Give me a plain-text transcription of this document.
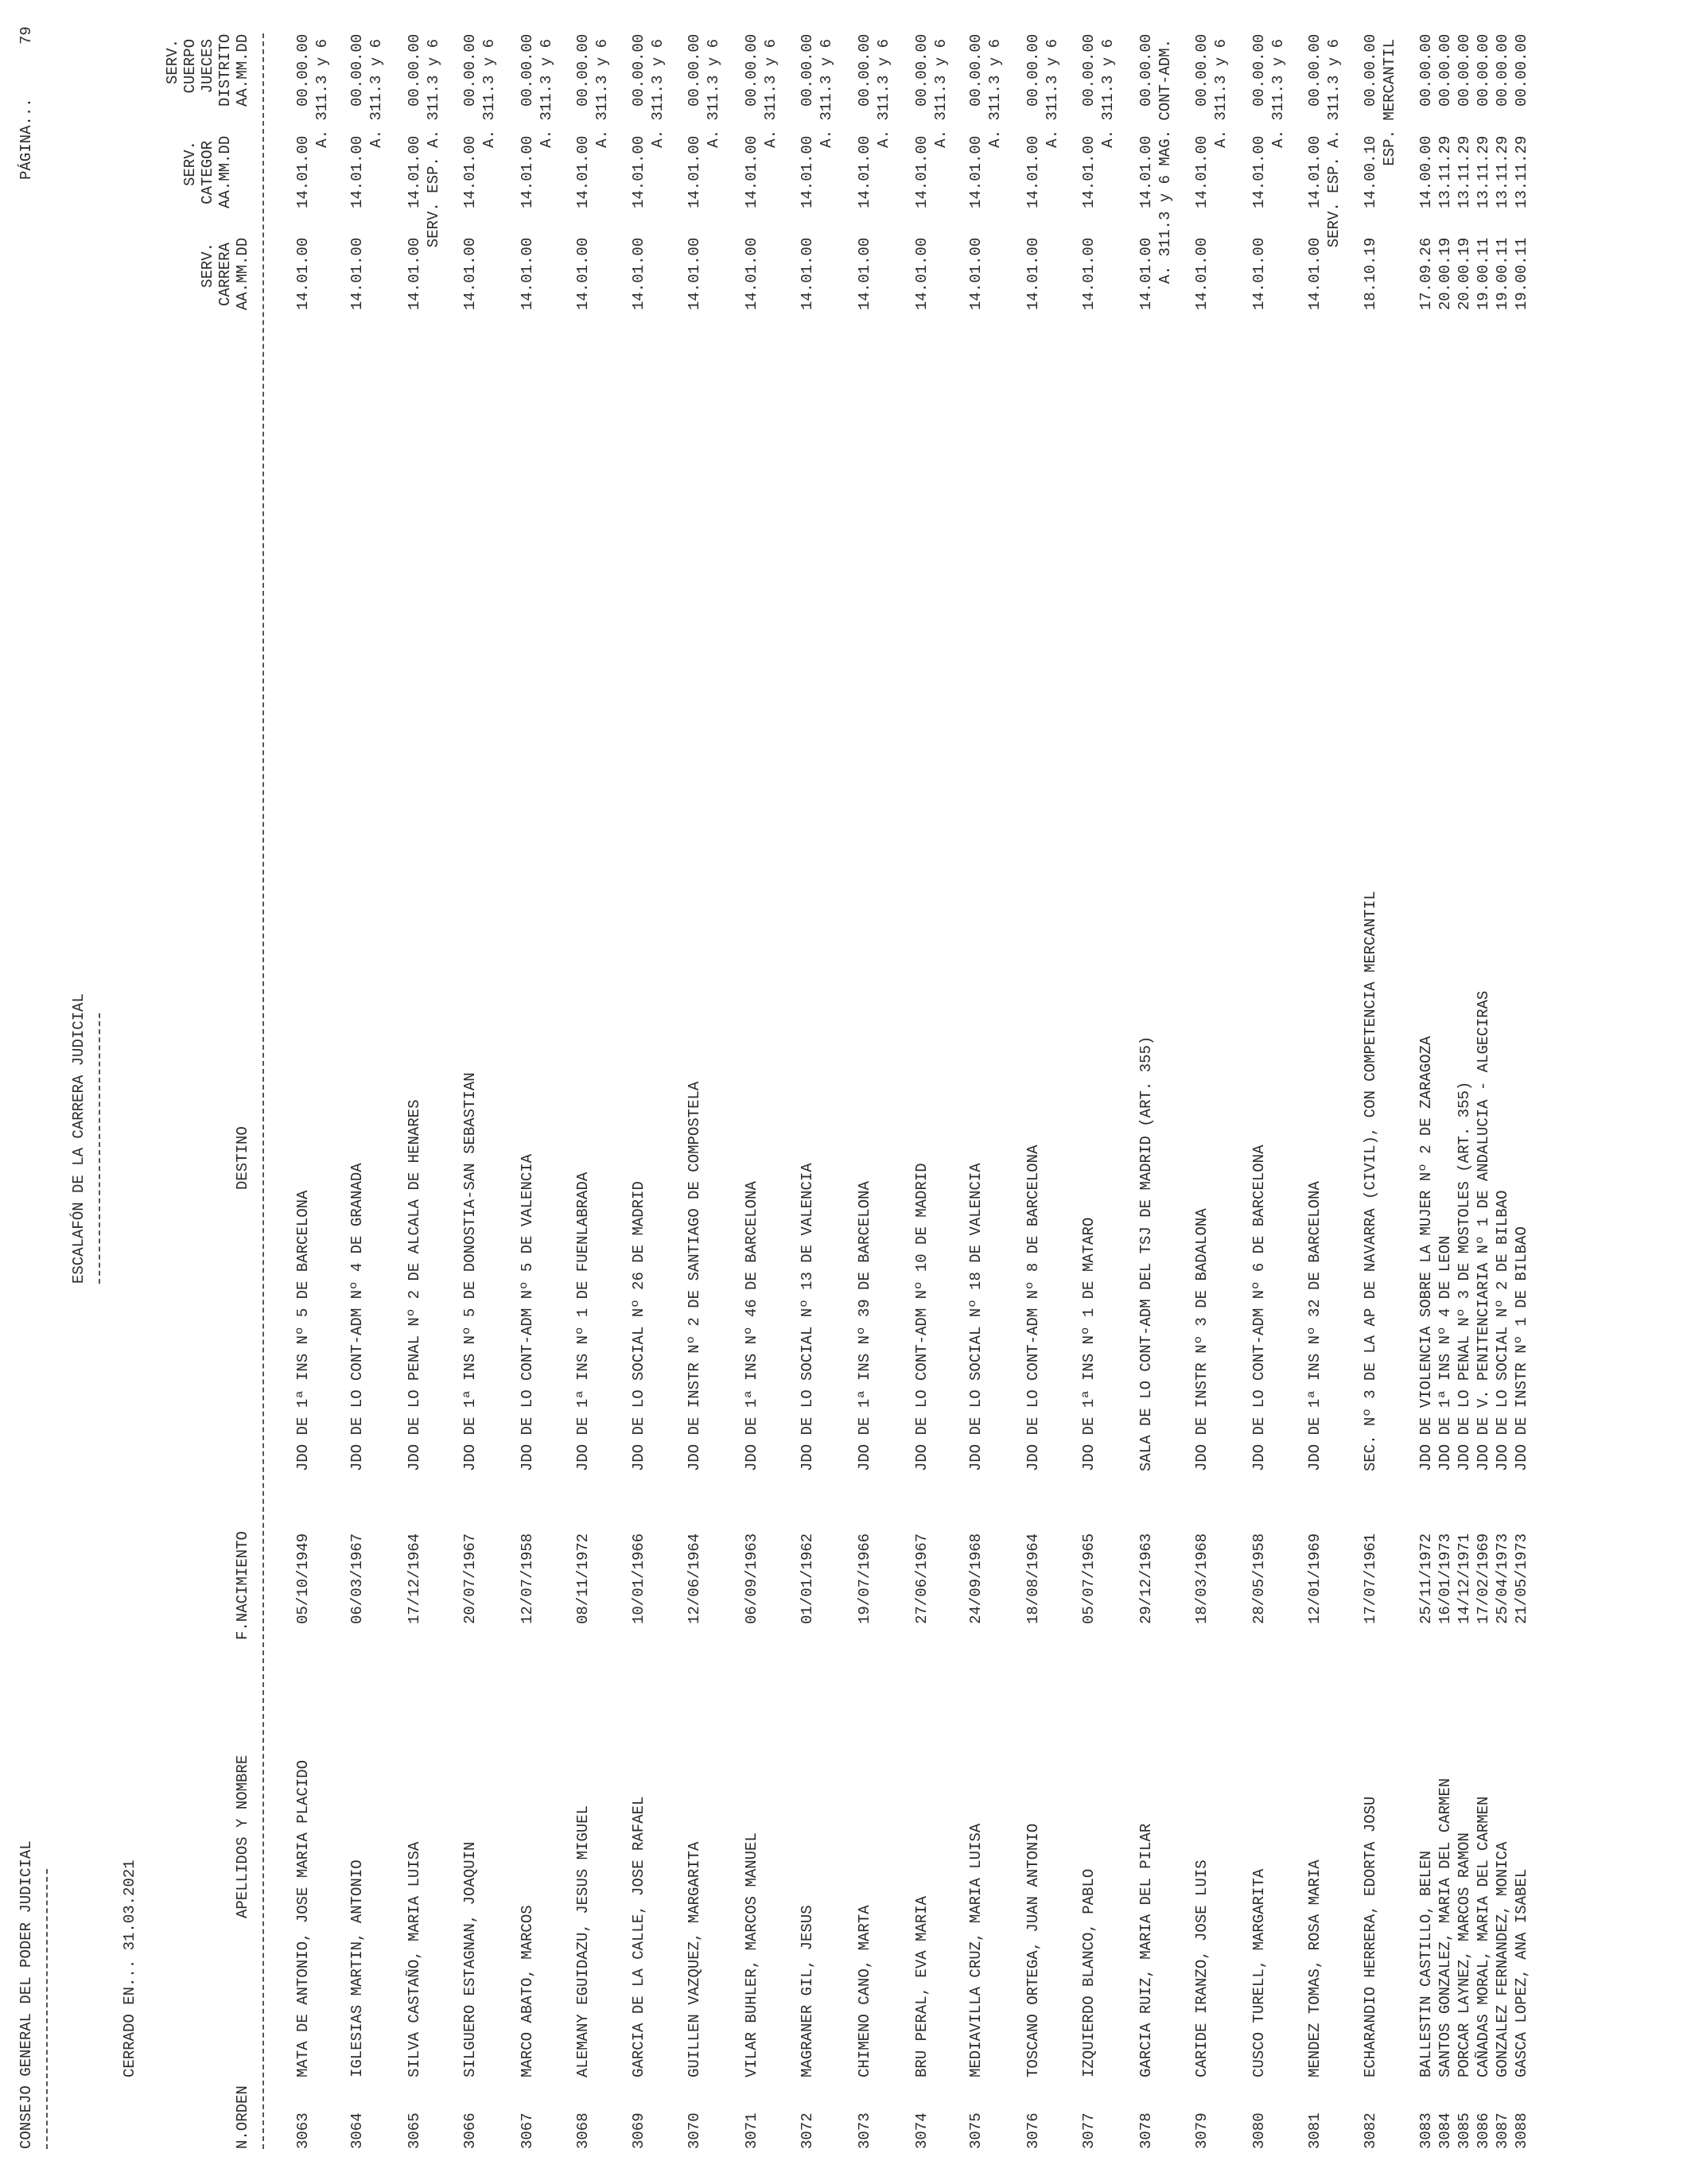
CONSEJO GENERAL DEL PODER JUDICIAL
PÁGINA...
79
ESCALAFÓN DE LA CARRERA JUDICIAL
CERRADO EN... 31.03.2021
N.ORDEN
APELLIDOS Y NOMBRE
F.NACIMIENTO
DESTINO
SERV. CARRERA AA.MM.DD
SERV. CATEGOR AA.MM.DD
SERV. CUERPO JUECES DISTRITO AA.MM.DD
3063
MATA DE ANTONIO, JOSE MARIA PLACIDO
05/10/1949
JDO DE 1ª INS Nº 5 DE BARCELONA
14.01.00
14.01.00
00.00.00 A. 311.3 y 6
3064
IGLESIAS MARTIN, ANTONIO
06/03/1967
JDO DE LO CONT-ADM Nº 4 DE GRANADA
14.01.00
14.01.00
00.00.00 A. 311.3 y 6
3065
SILVA CASTAÑO, MARIA LUISA
17/12/1964
JDO DE LO PENAL Nº 2 DE ALCALA DE HENARES
14.01.00
14.01.00
00.00.00 SERV. ESP. A. 311.3 y 6
3066
SILGUERO ESTAGNAN, JOAQUIN
20/07/1967
JDO DE 1ª INS Nº 5 DE DONOSTIA-SAN SEBASTIAN
14.01.00
14.01.00
00.00.00 A. 311.3 y 6
3067
MARCO ABATO, MARCOS
12/07/1958
JDO DE LO CONT-ADM Nº 5 DE VALENCIA
14.01.00
14.01.00
00.00.00 A. 311.3 y 6
3068
ALEMANY EGUIDAZU, JESUS MIGUEL
08/11/1972
JDO DE 1ª INS Nº 1 DE FUENLABRADA
14.01.00
14.01.00
00.00.00 A. 311.3 y 6
3069
GARCIA DE LA CALLE, JOSE RAFAEL
10/01/1966
JDO DE LO SOCIAL Nº 26 DE MADRID
14.01.00
14.01.00
00.00.00 A. 311.3 y 6
3070
GUILLEN VAZQUEZ, MARGARITA
12/06/1964
JDO DE INSTR Nº 2 DE SANTIAGO DE COMPOSTELA
14.01.00
14.01.00
00.00.00 A. 311.3 y 6
3071
VILAR BUHLER, MARCOS MANUEL
06/09/1963
JDO DE 1ª INS Nº 46 DE BARCELONA
14.01.00
14.01.00
00.00.00 A. 311.3 y 6
3072
MAGRANER GIL, JESUS
01/01/1962
JDO DE LO SOCIAL Nº 13 DE VALENCIA
14.01.00
14.01.00
00.00.00 A. 311.3 y 6
3073
CHIMENO CANO, MARTA
19/07/1966
JDO DE 1ª INS Nº 39 DE BARCELONA
14.01.00
14.01.00
00.00.00 A. 311.3 y 6
3074
BRU PERAL, EVA MARIA
27/06/1967
JDO DE LO CONT-ADM Nº 10 DE MADRID
14.01.00
14.01.00
00.00.00 A. 311.3 y 6
3075
MEDIAVILLA CRUZ, MARIA LUISA
24/09/1968
JDO DE LO SOCIAL Nº 18 DE VALENCIA
14.01.00
14.01.00
00.00.00 A. 311.3 y 6
3076
TOSCANO ORTEGA, JUAN ANTONIO
18/08/1964
JDO DE LO CONT-ADM Nº 8 DE BARCELONA
14.01.00
14.01.00
00.00.00 A. 311.3 y 6
3077
IZQUIERDO BLANCO, PABLO
05/07/1965
JDO DE 1ª INS Nº 1 DE MATARO
14.01.00
14.01.00
00.00.00 A. 311.3 y 6
3078
GARCIA RUIZ, MARIA DEL PILAR
29/12/1963
SALA DE LO CONT-ADM DEL TSJ DE MADRID (ART. 355)
14.01.00
14.01.00
00.00.00 A. 311.3 y 6 MAG. CONT-ADM.
3079
CARIDE IRANZO, JOSE LUIS
18/03/1968
JDO DE INSTR Nº 3 DE BADALONA
14.01.00
14.01.00
00.00.00 A. 311.3 y 6
3080
CUSCO TURELL, MARGARITA
28/05/1958
JDO DE LO CONT-ADM Nº 6 DE BARCELONA
14.01.00
14.01.00
00.00.00 A. 311.3 y 6
3081
MENDEZ TOMAS, ROSA MARIA
12/01/1969
JDO DE 1ª INS Nº 32 DE BARCELONA
14.01.00
14.01.00
00.00.00 SERV. ESP. A. 311.3 y 6
3082
ECHARANDIO HERRERA, EDORTA JOSU
17/07/1961
SEC. Nº 3 DE LA AP DE NAVARRA (CIVIL), CON COMPETENCIA MERCANTIL
18.10.19
14.00.10
00.00.00 ESP. MERCANTIL
3083
BALLESTIN CASTILLO, BELEN
25/11/1972
JDO DE VIOLENCIA SOBRE LA MUJER Nº 2 DE ZARAGOZA
17.09.26
14.00.00
00.00.00
3084
SANTOS GONZALEZ, MARIA DEL CARMEN
16/01/1973
JDO DE 1ª INS Nº 4 DE LEON
20.00.19
13.11.29
00.00.00
3085
PORCAR LAYNEZ, MARCOS RAMON
14/12/1971
JDO DE LO PENAL Nº 3 DE MOSTOLES (ART. 355)
20.00.19
13.11.29
00.00.00
3086
CAÑADAS MORAL, MARIA DEL CARMEN
17/02/1969
JDO DE V. PENITENCIARIA Nº 1 DE ANDALUCIA - ALGECIRAS
19.00.11
13.11.29
00.00.00
3087
GONZALEZ FERNANDEZ, MONICA
25/04/1973
JDO DE LO SOCIAL Nº 2 DE BILBAO
19.00.11
13.11.29
00.00.00
3088
GASCA LOPEZ, ANA ISABEL
21/05/1973
JDO DE INSTR Nº 1 DE BILBAO
19.00.11
13.11.29
00.00.00
